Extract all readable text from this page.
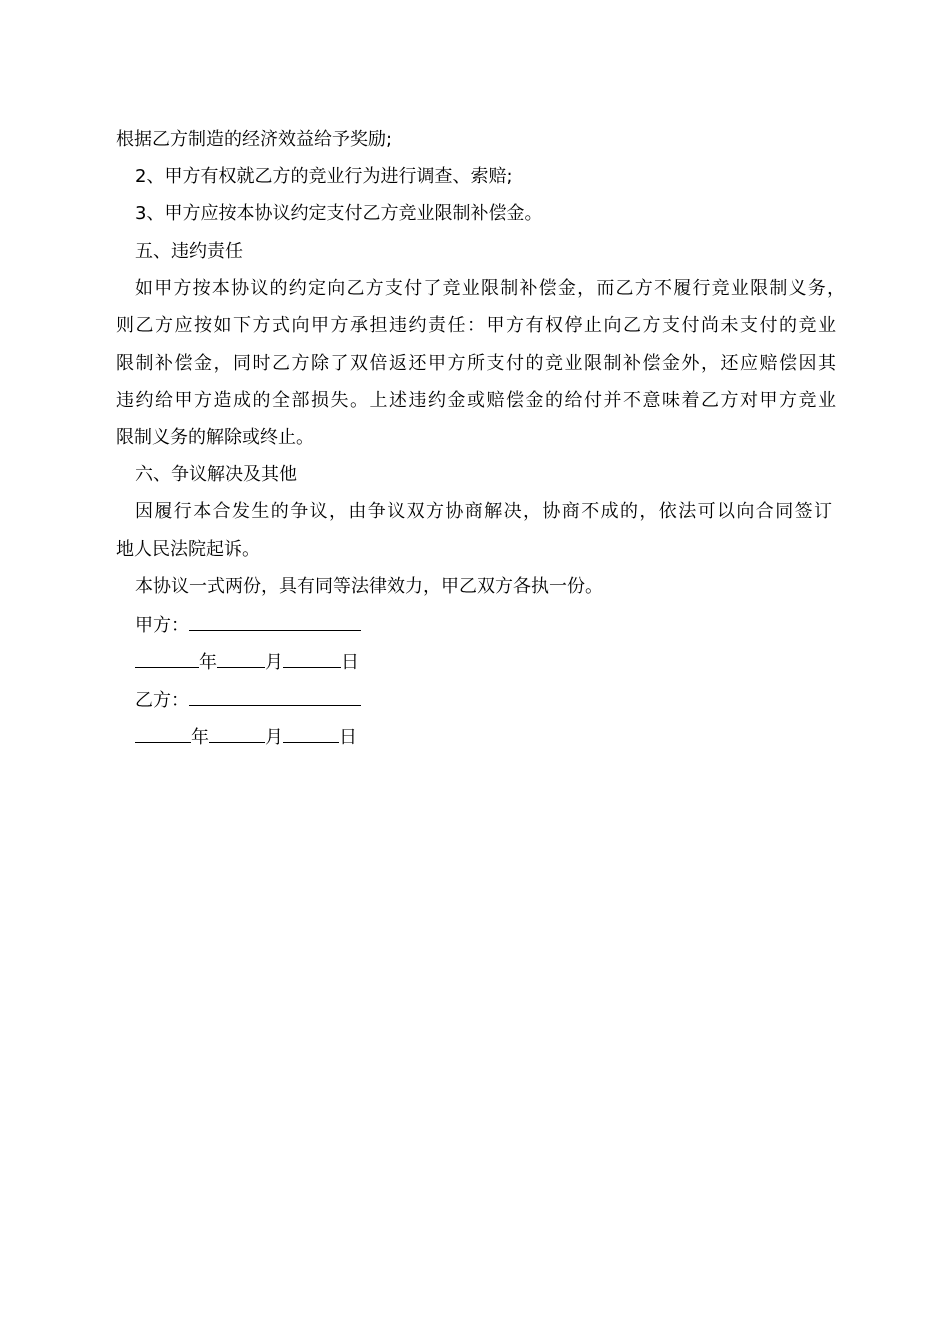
根据乙方制造的经济效益给予奖励;
2、甲方有权就乙方的竞业行为进行调查、索赔;
3、甲方应按本协议约定支付乙方竞业限制补偿金。
五、违约责任
如甲方按本协议的约定向乙方支付了竞业限制补偿金，而乙方不履行竞业限制义务，
则乙方应按如下方式向甲方承担违约责任：甲方有权停止向乙方支付尚未支付的竞业
限制补偿金，同时乙方除了双倍返还甲方所支付的竞业限制补偿金外，还应赔偿因其
违约给甲方造成的全部损失。上述违约金或赔偿金的给付并不意味着乙方对甲方竞业
限制义务的解除或终止。
六、争议解决及其他
因履行本合发生的争议，由争议双方协商解决，协商不成的，依法可以向合同签订
地人民法院起诉。
本协议一式两份，具有同等法律效力，甲乙双方各执一份。
甲方：
年	月	日
乙方：
年	月	日
